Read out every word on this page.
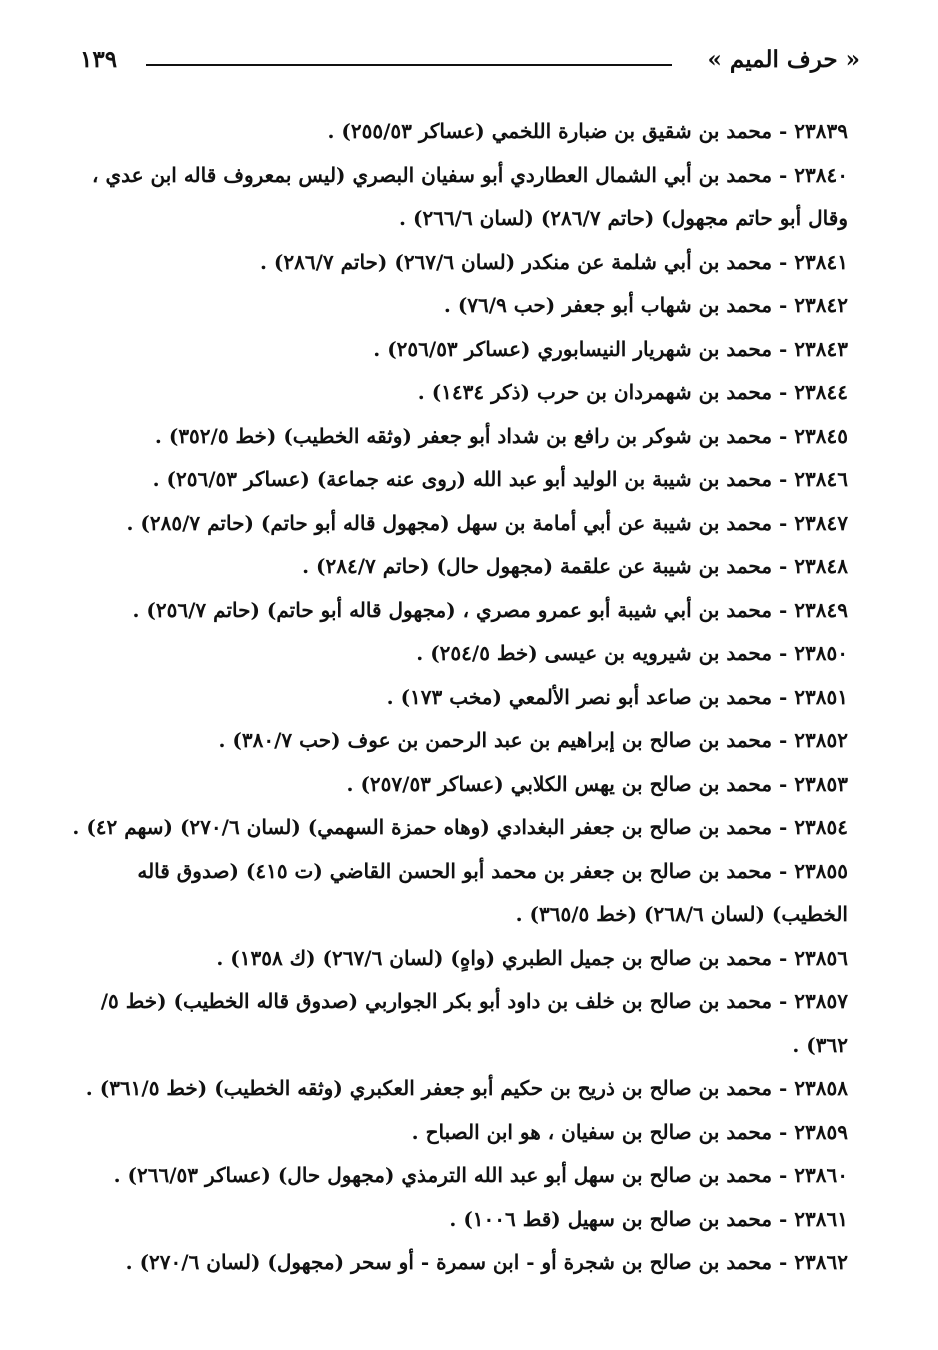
« حرف الميم »
١٣٩

٢٣٨٣٩ - محمد بن شقيق بن ضبارة اللخمي (عساكر ٢٥٥/٥٣) .

٢٣٨٤٠ - محمد بن أبي الشمال العطاردي أبو سفيان البصري (ليس بمعروف قاله ابن عدي ، وقال أبو حاتم مجهول) (حاتم ٢٨٦/٧) (لسان ٢٦٦/٦) .

٢٣٨٤١ - محمد بن أبي شلمة عن منكدر (لسان ٢٦٧/٦) (حاتم ٢٨٦/٧) .

٢٣٨٤٢ - محمد بن شهاب أبو جعفر (حب ٧٦/٩) .

٢٣٨٤٣ - محمد بن شهريار النيسابوري (عساكر ٢٥٦/٥٣) .

٢٣٨٤٤ - محمد بن شهمردان بن حرب (ذكر ١٤٣٤) .

٢٣٨٤٥ - محمد بن شوكر بن رافع بن شداد أبو جعفر (وثقه الخطيب) (خط ٣٥٢/٥) .

٢٣٨٤٦ - محمد بن شيبة بن الوليد أبو عبد الله (روى عنه جماعة) (عساكر ٢٥٦/٥٣) .

٢٣٨٤٧ - محمد بن شيبة عن أبي أمامة بن سهل (مجهول قاله أبو حاتم) (حاتم ٢٨٥/٧) .

٢٣٨٤٨ - محمد بن شيبة عن علقمة (مجهول حال) (حاتم ٢٨٤/٧) .

٢٣٨٤٩ - محمد بن أبي شيبة أبو عمرو مصري ، (مجهول قاله أبو حاتم) (حاتم ٢٥٦/٧) .

٢٣٨٥٠ - محمد بن شيرويه بن عيسى (خط ٢٥٤/٥) .

٢٣٨٥١ - محمد بن صاعد أبو نصر الألمعي (مخب ١٧٣) .

٢٣٨٥٢ - محمد بن صالح بن إبراهيم بن عبد الرحمن بن عوف (حب ٣٨٠/٧) .

٢٣٨٥٣ - محمد بن صالح بن يهس الكلابي (عساكر ٢٥٧/٥٣) .

٢٣٨٥٤ - محمد بن صالح بن جعفر البغدادي (وهاه حمزة السهمي) (لسان ٢٧٠/٦) (سهم ٤٢) .

٢٣٨٥٥ - محمد بن صالح بن جعفر بن محمد أبو الحسن القاضي (ت ٤١٥) (صدوق قاله الخطيب) (لسان ٢٦٨/٦) (خط ٣٦٥/٥) .

٢٣٨٥٦ - محمد بن صالح بن جميل الطبري (واهٍ) (لسان ٢٦٧/٦) (ك ١٣٥٨) .

٢٣٨٥٧ - محمد بن صالح بن خلف بن داود أبو بكر الجواربي (صدوق قاله الخطيب) (خط ٥/ ٣٦٢) .

٢٣٨٥٨ - محمد بن صالح بن ذريح بن حكيم أبو جعفر العكبري (وثقه الخطيب) (خط ٣٦١/٥) .

٢٣٨٥٩ - محمد بن صالح بن سفيان ، هو ابن الصباح .

٢٣٨٦٠ - محمد بن صالح بن سهل أبو عبد الله الترمذي (مجهول حال) (عساكر ٢٦٦/٥٣) .

٢٣٨٦١ - محمد بن صالح بن سهيل (قط ١٠٠٦) .

٢٣٨٦٢ - محمد بن صالح بن شجرة أو - ابن سمرة - أو سحر (مجهول) (لسان ٢٧٠/٦) .
